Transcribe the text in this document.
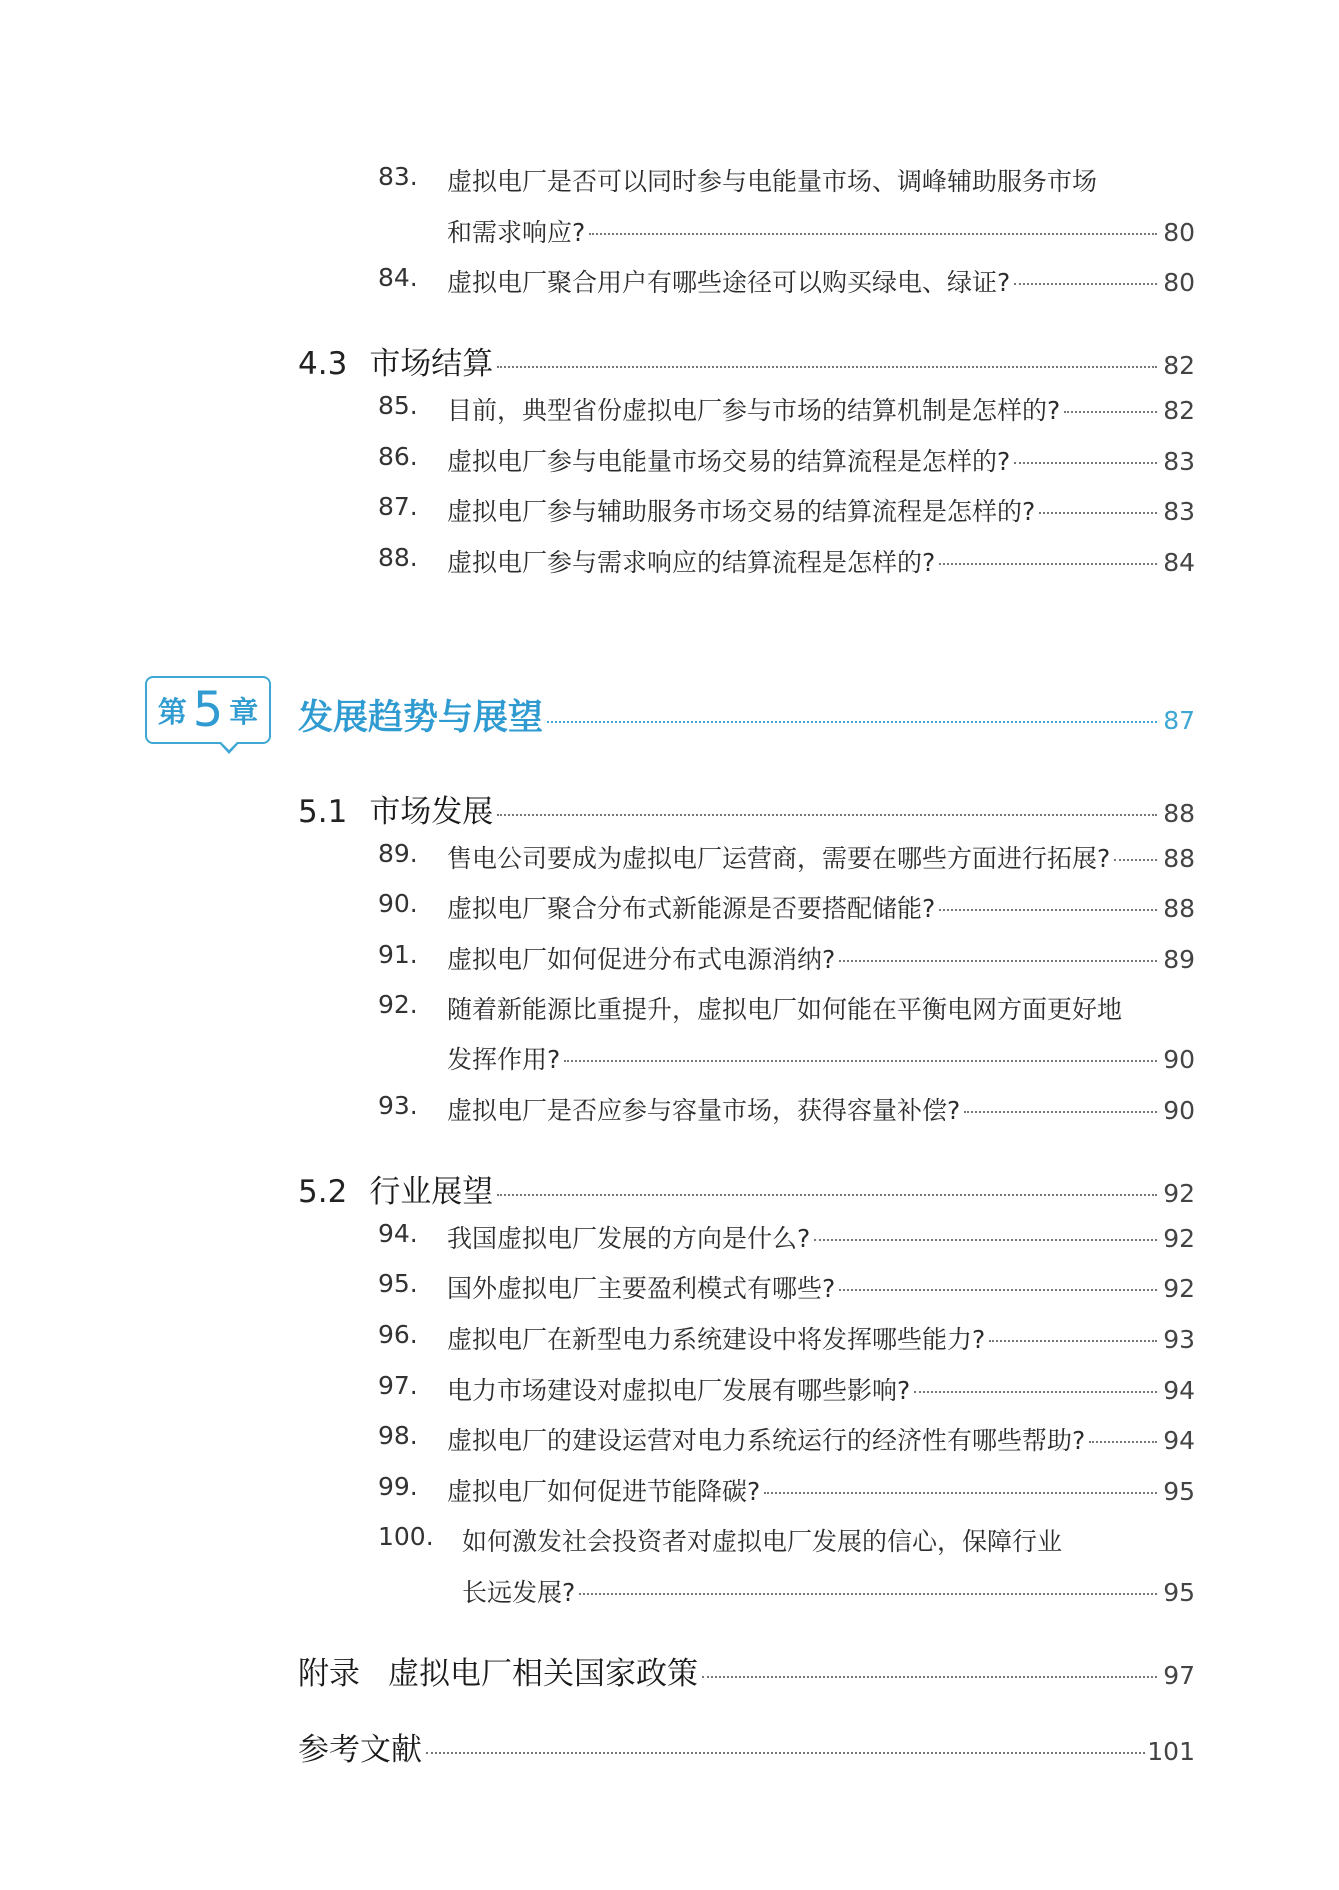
83. 虚拟电厂是否可以同时参与电能量市场、调峰辅助服务市场
和需求响应?	80
84. 虚拟电厂聚合用户有哪些途径可以购买绿电、绿证?	80
4.3 市场结算	82
85. 目前，典型省份虚拟电厂参与市场的结算机制是怎样的?	82
86. 虚拟电厂参与电能量市场交易的结算流程是怎样的?	83
87. 虚拟电厂参与辅助服务市场交易的结算流程是怎样的?	83
88. 虚拟电厂参与需求响应的结算流程是怎样的?	84
第 5 章 发展趋势与展望	87
5.1 市场发展	88
89. 售电公司要成为虚拟电厂运营商，需要在哪些方面进行拓展? 88
90. 虚拟电厂聚合分布式新能源是否要搭配储能?	88
91. 虚拟电厂如何促进分布式电源消纳?	89
92. 随着新能源比重提升，虚拟电厂如何能在平衡电网方面更好地
发挥作用?	90
93. 虚拟电厂是否应参与容量市场，获得容量补偿?	90
5.2 行业展望	92
94. 我国虚拟电厂发展的方向是什么?	92
95. 国外虚拟电厂主要盈利模式有哪些?	92
96. 虚拟电厂在新型电力系统建设中将发挥哪些能力?	93
97. 电力市场建设对虚拟电厂发展有哪些影响?	94
98. 虚拟电厂的建设运营对电力系统运行的经济性有哪些帮助?	94
99. 虚拟电厂如何促进节能降碳?	95
100. 如何激发社会投资者对虚拟电厂发展的信心，保障行业
长远发展?	95
附录 虚拟电厂相关国家政策	97
参考文献	101
